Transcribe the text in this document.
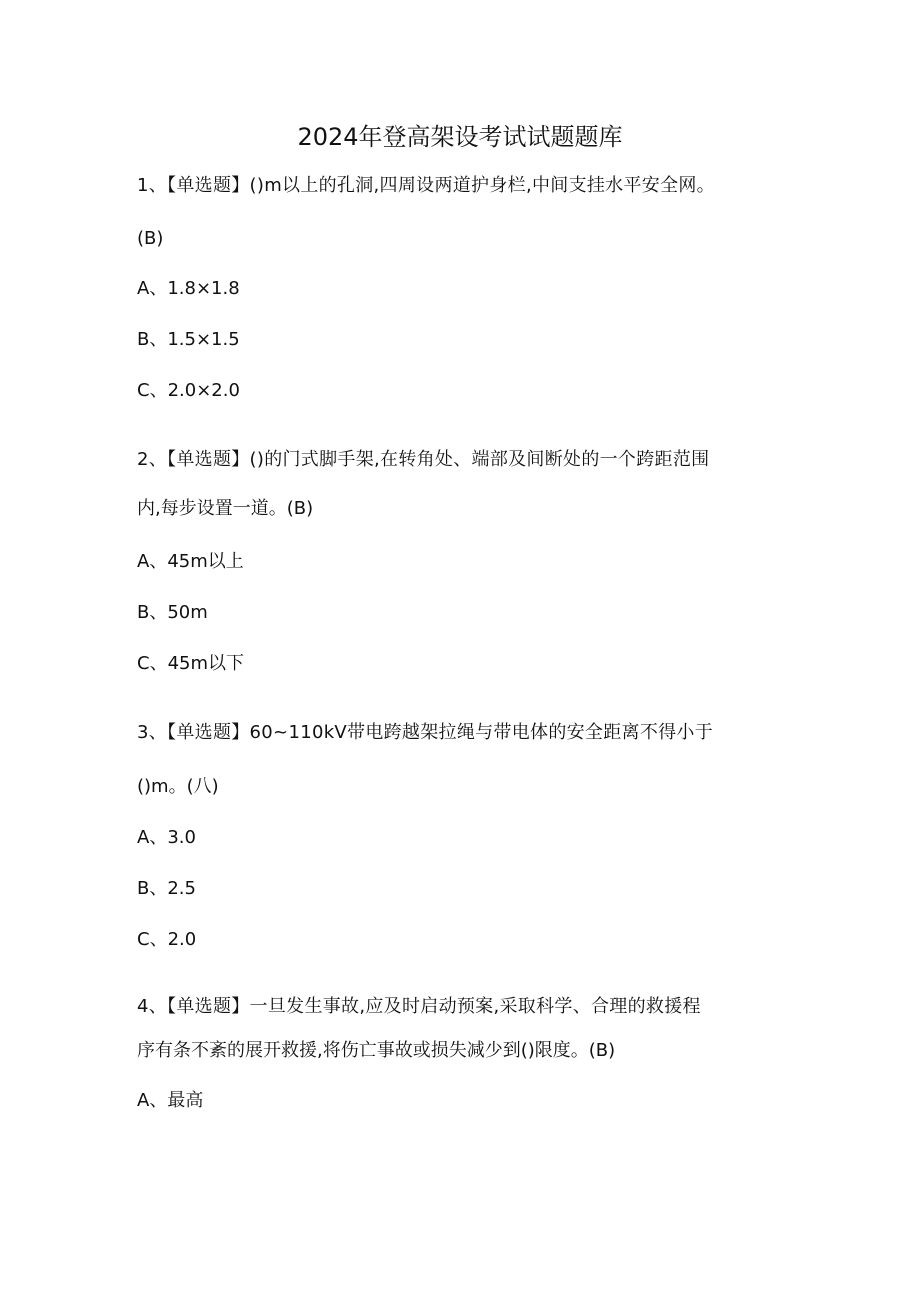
2024年登高架设考试试题题库
1、【单选题】()m以上的孔洞,四周设两道护身栏,中间支挂水平安全网。
(B)
A、1.8×1.8
B、1.5×1.5
C、2.0×2.0
2、【单选题】()的门式脚手架,在转角处、端部及间断处的一个跨距范围
内,每步设置一道。(B)
A、45m以上
B、50m
C、45m以下
3、【单选题】60~110kV带电跨越架拉绳与带电体的安全距离不得小于
()m。(八)
A、3.0
B、2.5
C、2.0
4、【单选题】一旦发生事故,应及时启动预案,采取科学、合理的救援程
序有条不紊的展开救援,将伤亡事故或损失减少到()限度。(B)
A、最高
